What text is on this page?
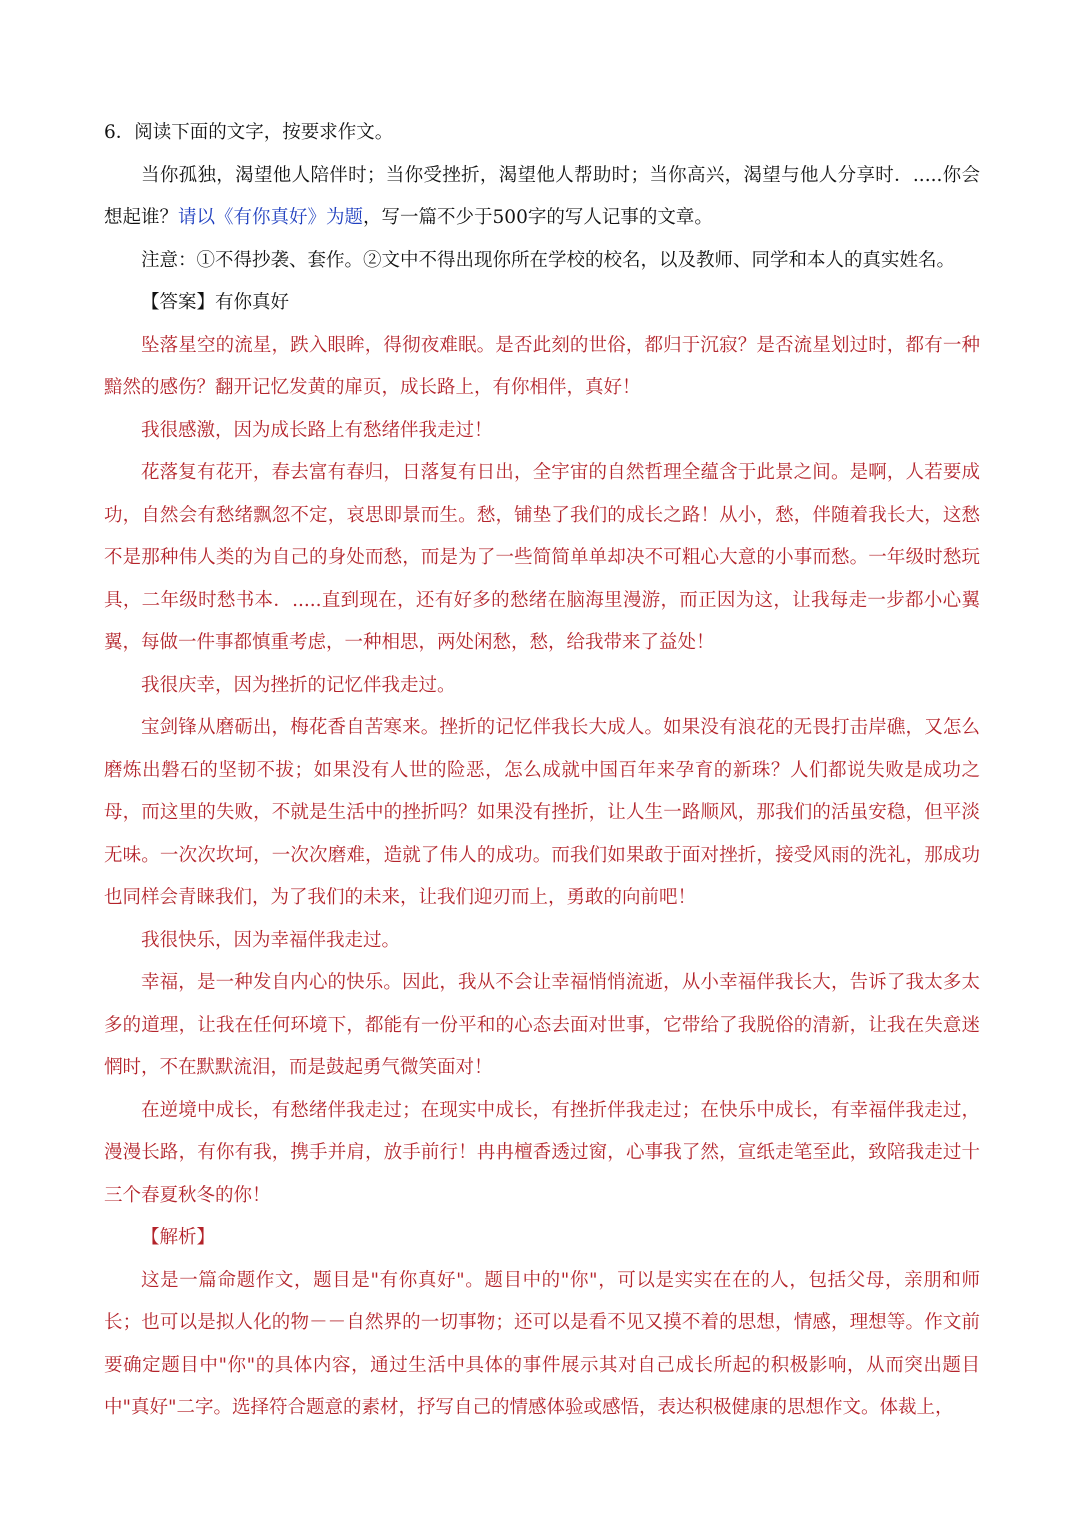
6．阅读下面的文字，按要求作文。

当你孤独，渴望他人陪伴时；当你受挫折，渴望他人帮助时；当你高兴，渴望与他人分享时．.....你会想起谁？请以《有你真好》为题，写一篇不少于500字的写人记事的文章。

注意：①不得抄袭、套作。②文中不得出现你所在学校的校名，以及教师、同学和本人的真实姓名。

【答案】有你真好

坠落星空的流星，跌入眼眸，得彻夜难眠。是否此刻的世俗，都归于沉寂？是否流星划过时，都有一种黯然的感伤？翻开记忆发黄的扉页，成长路上，有你相伴，真好！

我很感激，因为成长路上有愁绪伴我走过！

花落复有花开，春去富有春归，日落复有日出，全宇宙的自然哲理全蕴含于此景之间。是啊，人若要成功，自然会有愁绪飘忽不定，哀思即景而生。愁，铺垫了我们的成长之路！从小，愁，伴随着我长大，这愁不是那种伟人类的为自己的身处而愁，而是为了一些简简单单却决不可粗心大意的小事而愁。一年级时愁玩具，二年级时愁书本．.....直到现在，还有好多的愁绪在脑海里漫游，而正因为这，让我每走一步都小心翼翼，每做一件事都慎重考虑，一种相思，两处闲愁，愁，给我带来了益处！

我很庆幸，因为挫折的记忆伴我走过。

宝剑锋从磨砺出，梅花香自苦寒来。挫折的记忆伴我长大成人。如果没有浪花的无畏打击岸礁，又怎么磨炼出磐石的坚韧不拔；如果没有人世的险恶，怎么成就中国百年来孕育的新珠？人们都说失败是成功之母，而这里的失败，不就是生活中的挫折吗？如果没有挫折，让人生一路顺风，那我们的活虽安稳，但平淡无味。一次次坎坷，一次次磨难，造就了伟人的成功。而我们如果敢于面对挫折，接受风雨的洗礼，那成功也同样会青睐我们，为了我们的未来，让我们迎刃而上，勇敢的向前吧！

我很快乐，因为幸福伴我走过。

幸福，是一种发自内心的快乐。因此，我从不会让幸福悄悄流逝，从小幸福伴我长大，告诉了我太多太多的道理，让我在任何环境下，都能有一份平和的心态去面对世事，它带给了我脱俗的清新，让我在失意迷惘时，不在默默流泪，而是鼓起勇气微笑面对！

在逆境中成长，有愁绪伴我走过；在现实中成长，有挫折伴我走过；在快乐中成长，有幸福伴我走过，漫漫长路，有你有我，携手并肩，放手前行！冉冉檀香透过窗，心事我了然，宣纸走笔至此，致陪我走过十三个春夏秋冬的你！

【解析】

这是一篇命题作文，题目是"有你真好"。题目中的"你"，可以是实实在在的人，包括父母，亲朋和师长；也可以是拟人化的物－－自然界的一切事物；还可以是看不见又摸不着的思想，情感，理想等。作文前要确定题目中"你"的具体内容，通过生活中具体的事件展示其对自己成长所起的积极影响，从而突出题目中"真好"二字。选择符合题意的素材，抒写自己的情感体验或感悟，表达积极健康的思想作文。体裁上，
